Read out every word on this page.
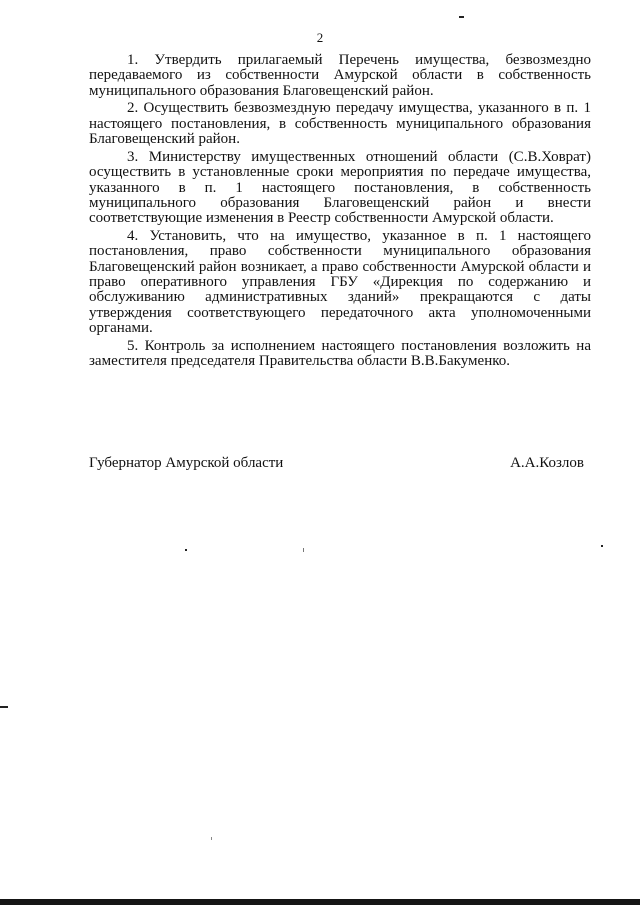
2

1. Утвердить прилагаемый Перечень имущества, безвозмездно передаваемого из собственности Амурской области в собственность муниципального образования Благовещенский район.

2. Осуществить безвозмездную передачу имущества, указанного в п. 1 настоящего постановления, в собственность муниципального образования Благовещенский район.

3. Министерству имущественных отношений области (С.В.Ховрат) осуществить в установленные сроки мероприятия по передаче имущества, указанного в п. 1 настоящего постановления, в собственность муниципального образования Благовещенский район и внести соответствующие изменения в Реестр собственности Амурской области.

4. Установить, что на имущество, указанное в п. 1 настоящего постановления, право собственности муниципального образования Благовещенский район возникает, а право собственности Амурской области и право оперативного управления ГБУ «Дирекция по содержанию и обслуживанию административных зданий» прекращаются с даты утверждения соответствующего передаточного акта уполномоченными органами.

5. Контроль за исполнением настоящего постановления возложить на заместителя председателя Правительства области В.В.Бакуменко.

Губернатор Амурской области	А.А.Козлов
